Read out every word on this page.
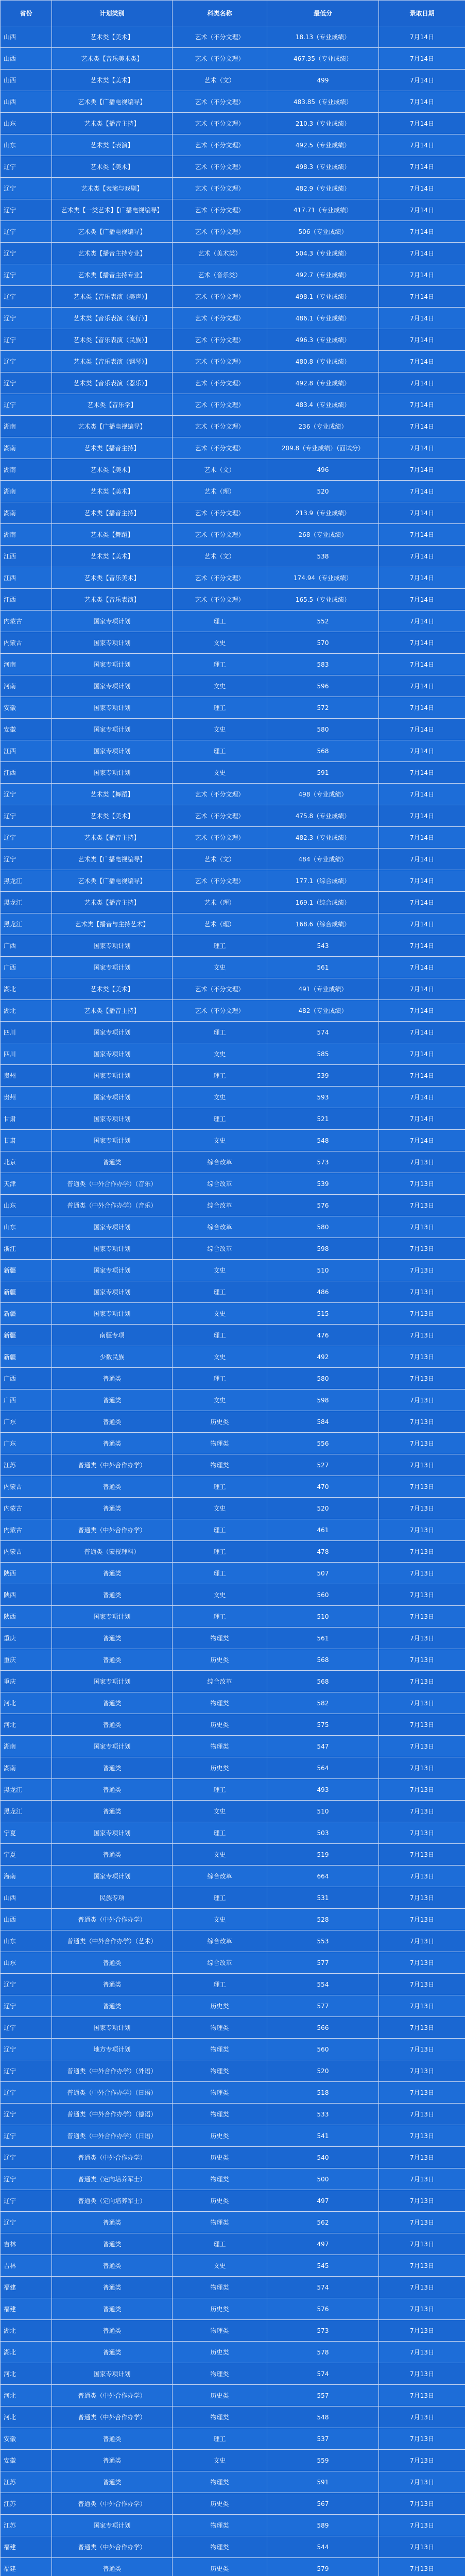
省份	计划类别	科类名称	最低分	录取日期
山西	艺术类【美术】	艺术（不分文理）	18.13（专业成绩）	7月14日
山西	艺术类【音乐美术类】	艺术（不分文理）	467.35（专业成绩）	7月14日
山西	艺术类【美术】	艺术（文）	499	7月14日
山西	艺术类【广播电视编导】	艺术（不分文理）	483.85（专业成绩）	7月14日
山东	艺术类【播音主持】	艺术（不分文理）	210.3（专业成绩）	7月14日
山东	艺术类【表演】	艺术（不分文理）	492.5（专业成绩）	7月14日
辽宁	艺术类【美术】	艺术（不分文理）	498.3（专业成绩）	7月14日
辽宁	艺术类【表演与戏剧】	艺术（不分文理）	482.9（专业成绩）	7月14日
辽宁	艺术类【一类艺术】【广播电视编导】	艺术（不分文理）	417.71（专业成绩）	7月14日
辽宁	艺术类【广播电视编导】	艺术（不分文理）	506（专业成绩）	7月14日
辽宁	艺术类【播音主持专业】	艺术（美术类）	504.3（专业成绩）	7月14日
辽宁	艺术类【播音主持专业】	艺术（音乐类）	492.7（专业成绩）	7月14日
辽宁	艺术类【音乐表演（美声）】	艺术（不分文理）	498.1（专业成绩）	7月14日
辽宁	艺术类【音乐表演（流行）】	艺术（不分文理）	486.1（专业成绩）	7月14日
辽宁	艺术类【音乐表演（民族）】	艺术（不分文理）	496.3（专业成绩）	7月14日
辽宁	艺术类【音乐表演（钢琴）】	艺术（不分文理）	480.8（专业成绩）	7月14日
辽宁	艺术类【音乐表演（器乐）】	艺术（不分文理）	492.8（专业成绩）	7月14日
辽宁	艺术类【音乐学】	艺术（不分文理）	483.4（专业成绩）	7月14日
湖南	艺术类【广播电视编导】	艺术（不分文理）	236（专业成绩）	7月14日
湖南	艺术类【播音主持】	艺术（不分文理）	209.8（专业成绩）（面试分）	7月14日
湖南	艺术类【美术】	艺术（文）	496	7月14日
湖南	艺术类【美术】	艺术（理）	520	7月14日
湖南	艺术类【播音主持】	艺术（不分文理）	213.9（专业成绩）	7月14日
湖南	艺术类【舞蹈】	艺术（不分文理）	268（专业成绩）	7月14日
江西	艺术类【美术】	艺术（文）	538	7月14日
江西	艺术类【音乐美术】	艺术（不分文理）	174.94（专业成绩）	7月14日
江西	艺术类【音乐表演】	艺术（不分文理）	165.5（专业成绩）	7月14日
内蒙古	国家专项计划	理工	552	7月14日
内蒙古	国家专项计划	文史	570	7月14日
河南	国家专项计划	理工	583	7月14日
河南	国家专项计划	文史	596	7月14日
安徽	国家专项计划	理工	572	7月14日
安徽	国家专项计划	文史	580	7月14日
江西	国家专项计划	理工	568	7月14日
江西	国家专项计划	文史	591	7月14日
辽宁	艺术类【舞蹈】	艺术（不分文理）	498（专业成绩）	7月14日
辽宁	艺术类【美术】	艺术（不分文理）	475.8（专业成绩）	7月14日
辽宁	艺术类【播音主持】	艺术（不分文理）	482.3（专业成绩）	7月14日
辽宁	艺术类【广播电视编导】	艺术（文）	484（专业成绩）	7月14日
黑龙江	艺术类【广播电视编导】	艺术（不分文理）	177.1（综合成绩）	7月14日
黑龙江	艺术类【播音主持】	艺术（理）	169.1（综合成绩）	7月14日
黑龙江	艺术类【播音与主持艺术】	艺术（理）	168.6（综合成绩）	7月14日
广西	国家专项计划	理工	543	7月14日
广西	国家专项计划	文史	561	7月14日
湖北	艺术类【美术】	艺术（不分文理）	491（专业成绩）	7月14日
湖北	艺术类【播音主持】	艺术（不分文理）	482（专业成绩）	7月14日
四川	国家专项计划	理工	574	7月14日
四川	国家专项计划	文史	585	7月14日
贵州	国家专项计划	理工	539	7月14日
贵州	国家专项计划	文史	593	7月14日
甘肃	国家专项计划	理工	521	7月14日
甘肃	国家专项计划	文史	548	7月14日
北京	普通类	综合改革	573	7月13日
天津	普通类（中外合作办学）（音乐）	综合改革	539	7月13日
山东	普通类（中外合作办学）（音乐）	综合改革	576	7月13日
山东	国家专项计划	综合改革	580	7月13日
浙江	国家专项计划	综合改革	598	7月13日
新疆	国家专项计划	文史	510	7月13日
新疆	国家专项计划	理工	486	7月13日
新疆	国家专项计划	文史	515	7月13日
新疆	南疆专项	理工	476	7月13日
新疆	少数民族	文史	492	7月13日
广西	普通类	理工	580	7月13日
广西	普通类	文史	598	7月13日
广东	普通类	历史类	584	7月13日
广东	普通类	物理类	556	7月13日
江苏	普通类（中外合作办学）	物理类	527	7月13日
内蒙古	普通类	理工	470	7月13日
内蒙古	普通类	文史	520	7月13日
内蒙古	普通类（中外合作办学）	理工	461	7月13日
内蒙古	普通类（蒙授理科）	理工	478	7月13日
陕西	普通类	理工	507	7月13日
陕西	普通类	文史	560	7月13日
陕西	国家专项计划	理工	510	7月13日
重庆	普通类	物理类	561	7月13日
重庆	普通类	历史类	568	7月13日
重庆	国家专项计划	综合改革	568	7月13日
河北	普通类	物理类	582	7月13日
河北	普通类	历史类	575	7月13日
湖南	国家专项计划	物理类	547	7月13日
湖南	普通类	历史类	564	7月13日
黑龙江	普通类	理工	493	7月13日
黑龙江	普通类	文史	510	7月13日
宁夏	国家专项计划	理工	503	7月13日
宁夏	普通类	文史	519	7月13日
海南	国家专项计划	综合改革	664	7月13日
山西	民族专项	理工	531	7月13日
山西	普通类（中外合作办学）	文史	528	7月13日
山东	普通类（中外合作办学）（艺术）	综合改革	553	7月13日
山东	普通类	综合改革	577	7月13日
辽宁	普通类	理工	554	7月13日
辽宁	普通类	历史类	577	7月13日
辽宁	国家专项计划	物理类	566	7月13日
辽宁	地方专项计划	物理类	560	7月13日
辽宁	普通类（中外合作办学）（外语）	物理类	520	7月13日
辽宁	普通类（中外合作办学）（日语）	物理类	518	7月13日
辽宁	普通类（中外合作办学）（德语）	物理类	533	7月13日
辽宁	普通类（中外合作办学）（日语）	历史类	541	7月13日
辽宁	普通类（中外合作办学）	历史类	540	7月13日
辽宁	普通类（定向培养军士）	物理类	500	7月13日
辽宁	普通类（定向培养军士）	历史类	497	7月13日
辽宁	普通类	物理类	562	7月13日
吉林	普通类	理工	497	7月13日
吉林	普通类	文史	545	7月13日
福建	普通类	物理类	574	7月13日
福建	普通类	历史类	576	7月13日
湖北	普通类	物理类	573	7月13日
湖北	普通类	历史类	578	7月13日
河北	国家专项计划	物理类	574	7月13日
河北	普通类（中外合作办学）	历史类	557	7月13日
河北	普通类（中外合作办学）	物理类	548	7月13日
安徽	普通类	理工	537	7月13日
安徽	普通类	文史	559	7月13日
江苏	普通类	物理类	591	7月13日
江苏	普通类（中外合作办学）	历史类	567	7月13日
江苏	国家专项计划	物理类	589	7月13日
福建	普通类（中外合作办学）	物理类	544	7月13日
福建	普通类	历史类	579	7月13日
